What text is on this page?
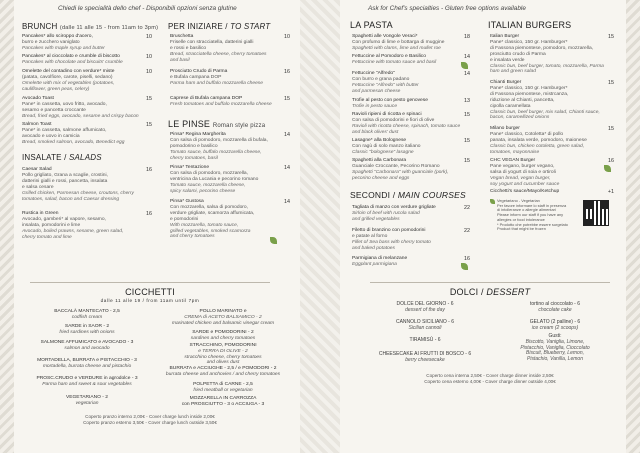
Chiedi le specialità dello chef - Disponibili opzioni senza glutine
BRUNCH (dalle 11 alle 15 - from 11am to 3pm)
Pancakes* allo sciroppo d'acero,
burro e zucchero vaniglato
Pancakes with maple syrup and butter
10
Pancakes* al cioccolato e crumble di biscotto
Pancakes with chocolate and biscuits' crumble
10
Omelette del contadino con verdure* miste
(patata, cavolfiore, carote, piselli, sedano)
Omelette with mix of vegetables (potatoes,
cauliflower, green peas, celery)
10
Avocado Toast
Pane* in cassetta, uovo fritto, avocado,
sesamo e pancetta croccante
Bread, fried eggs, avocado, sesame and crispy bacon
15
Salmon Toast
Pane* in cassetta, salmone affumicato,
avocado e uovo in camicia
Bread, smoked salmon, avocado, Benedict egg
15
INSALATE / SALADS
Caesar Salad
Pollo grigliato, Grana a scaglie, crostini,
datterini gialli e rossi, pancetta, insalata
e salsa cesare
Grilled chicken, Parmesan cheese, croutons, cherry
tomatoes, salad, bacon and Caesar dressing
16
Rustica in Green
Avocado, gamberi* al vapore, sesamo,
insalata, pomodorini e lime
Avocado, boiled prawns, sesame, green salad,
cherry tomato and lime
16
PER INIZIARE / TO START
Bruschetta
Friselle con stracciatella, datterini gialli
e rossi e basilico
Bread, stracciatella cheese, cherry tomatoes
and basil
10
Prosciutto Crudo di Parma
e Bufala campana DOP
Parma ham and buffalo mozzarella cheese
16
Caprese di Bufala campana DOP
Fresh tomatoes and buffalo mozzarella cheese
15
LE PINSE Roman style pizza
Pinsa* Regina Margherita
Con salsa di pomodoro, mozzarella di bufala,
pomodorino e basilico
Tomato sauce, buffalo mozzarella cheese,
cherry tomatoes, basil
14
Pinsa* Tentazione
Con salsa di pomodoro, mozzarella,
ventricina da Lucania e pecorino romano
Tomato sauce, mozzarella cheese,
spicy salami, pecorino cheese
14
Pinsa* Gustosa
Con mozzarella, salsa di pomodoro,
verdure grigliate, scamorza affumicata,
e pomodorini
With mozzarella, tomato sauce,
grilled vegetables, smoked scamorza
and cherry tomatoes
14
CICCHETTI
dalle 11 alle 19 / from 11am until 7pm
BACCALÀ MANTECATO - 2,5
codfish cream
SARDE in SAOR - 2
fried sardines with onions
SALMONE AFFUMICATO e AVOCADO - 3
salmon and avocado
MORTADELLA, BURRATA e PISTACCHIO - 3
mortadella, burrata cheese and pistachio
PROSC.CRUDO e VERDURE in agrodolce - 3
Parma ham and sweet & sour vegetables
VEGETARIANO - 2
vegetarian
POLLO MARINATO e
CREMA di ACETO BALSAMICO - 2
marinated chicken and balsamic vinegar cream
SARDE e POMODORINI - 2
sardines and cherry tomatoes
STRACCHINO, POMODORINI
e TERRA DI OLIVE - 2
stracchino cheese, cherry tomatoes
and olives dust
BURRATA e ACCIUGHE - 2,5 / e POMODORI - 2
burrata cheese and anchovies / and cherry tomatoes
POLPETTA di CARNE - 2,5
fried meatball or vegetarian
MOZZARELLA IN CARROZZA
con PROSCIUTTO - 3 o ACCIUGA - 3
Coperto pranzo interno 2,00€ - Cover charge lunch inside 2,00€
Coperto pranzo esterno 3,50€ - Cover charge lunch outside 3,50€
Ask for Chef's specialties - Gluten free options available
LA PASTA
Spaghetti alle Vongole Veraci*
Con profumo di lime e bottarga di muggine
Spaghetti with clams, lime and mullet roe
18
Fettuccine al Pomodoro e Basilico
Fettuccine with tomato sauce and basil
14
Fettuccine "Alfredo"
Con burro e grana padano
Fettuccine "Alfredo" with butter
and parmesan cheese
14
Trofie al pesto con pesto genovese
Trofie in pesto sauce
13
Ravioli ripieni di ricotta e spinaci
Con salsa di pomodorini e fiori di olive
Ravioli with ricotta cheese, spinach, tomato sauce
and black olives' dust
15
Lasagne* alla Bolognese
Con ragù di solo manzo italiano
Classic "bolognese" lasagne
15
Spaghetti alla Carbonara
Guanciale Croccante, Pecorino Romano
Spaghetti "Carbonara" with guanciale (pork),
pecorino cheese and eggs
15
SECONDI / MAIN COURSES
Tagliata di manzo con verdure grigliate
Sirloin of beef with rucola salad
and grilled vegetables
22
Filetto di branzino con pomodorini
e patate al forno
Fillet of Sea bass with cherry tomato
and baked potatoes
22
Parmigiana di melanzane
Eggplant parmigiana
16
ITALIAN BURGERS
Italian Burger
Pane* classico, 150 gr. Hamburger*
di Fassona piemontese, pomodoro, mozzarella,
prosciutto crudo di Parma
e insalata verde
Classic bun, beef burger, tomato, mozzarella, Parma
ham and green salad
15
Chianti Burger
Pane* classico, 150 gr. Hamburger*
di Fassona piemontese, mistrcanza,
riduzione al Chianti, pancetta,
cipolla caramellata
Classic bun, beef burger, mix salad, Chianti sauce,
bacon, caramellized onions
15
Milano burger
Pane* classico, Cotoletta* di pollo
panata, insalata verde, pomodoro, maionese
Classic bun, chicken cotoletta, green salad,
tomatoes, mayonnaise
15
CHC VEGAN Burger
Pane vegano, burger vegano,
salsa di yogurt di soia e ortiroli
Vegan bread, vegan burger,
soy yogurt and cucumber sauce
16
Cicchetti's sauce/Mayo/Ketchup	+1
Vegetariano - Vegetarian
Per favore informare lo staff in presenza
di intolleranze o allergie alimentari
Please inform our staff if you have any
allergies or food intolerance
* Prodotto che potrebbe essere surgelato
Product that might be frozen
DOLCI / DESSERT
DOLCE DEL GIORNO - 6
dessert of the day
CANNOLO SICILIANO - 6
Sicilian cannoli
TIRAMISÙ - 6
CHEESECAKE AI FRUTTI DI BOSCO - 6
berry cheesecake
tortino al cioccolato - 6
chocolate cake
GELATO (2 palline) - 6
ice cream (2 scoops)
Gusti:
Biscotto, Vaniglia, Limone,
Pistacchio, Vaniglia, Cioccolato
Biscuit, Blueberry, Lemon,
Pistachio, Vanilla, Lemon
Coperto cena interna 2,50€ - Cover charge dinner inside 2,50€
Coperto cena esterno 4,00€ - Cover charge dinner outside 4,00€
